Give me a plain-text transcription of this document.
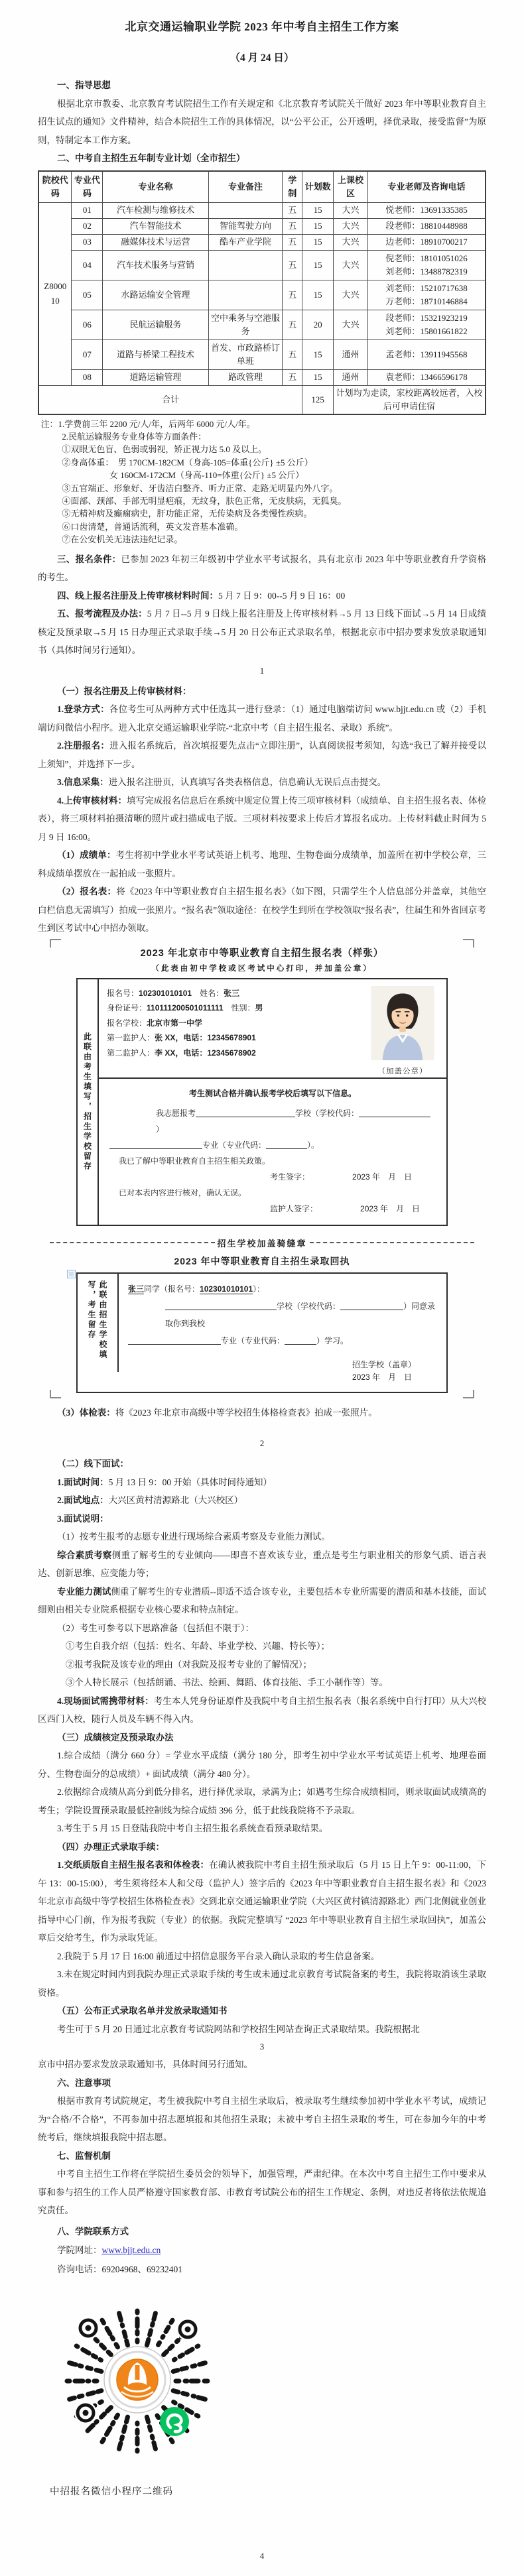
北京交通运输职业学院 2023 年中考自主招生工作方案
（4 月 24 日）
一、指导思想
根据北京市教委、北京教育考试院招生工作有关规定和《北京教育考试院关于做好 2023 年中等职业教育自主招生试点的通知》文件精神，结合本院招生工作的具体情况，以“公平公正，公开透明，择优录取，接受监督”为原则，特制定本工作方案。
二、中考自主招生五年制专业计划（全市招生）
院校代码	专业代码	专业名称	专业备注	学制	计划数	上课校区	专业老师及咨询电话

Z800010	01	汽车检测与维修技术		五	15	大兴	悦老师：13691335385

	02	汽车智能技术	智能驾驶方向	五	15	大兴	段老师：18810448988

	03	融媒体技术与运营	酷车产业学院	五	15	大兴	边老师：18910700217

	04	汽车技术服务与营销		五	15	大兴	倪老师：18101051026
刘老师：13488782319

	05	水路运输安全管理		五	15	大兴	刘老师：15210717638
万老师：18710146884

	06	民航运输服务	空中乘务与空港服务	五	20	大兴	段老师：15321923219
刘老师：15801661822

	07	道路与桥梁工程技术	首发、市政路桥订单班	五	15	通州	孟老师：13911945568

	08	道路运输管理	路政管理	五	15	通州	袁老师：13466596178

合计					125	计划均为走读，家校距离较远者，入校后可申请住宿	
注：1.学费前三年 2200 元/人/年，后两年 6000 元/人/年。
2.民航运输服务专业身体等方面条件：
①双眼无色盲、色弱或弱视，矫正视力达 5.0 及以上。
②身高体重：　男 170CM-182CM（身高-105=体重{公斤} ±5 公斤）
女 160CM-172CM（身高-110=体重{公斤} ±5 公斤）
③五官端正、形象好、牙齿洁白整齐、听力正常、走路无明显内外八字。
④面部、颈部、手部无明显疤痕，无纹身，肤色正常，无皮肤病，无狐臭。
⑤无精神病及癫痫病史，肝功能正常，无传染病及各类慢性疾病。
⑥口齿清楚，普通话流利，英文发音基本准确。
⑦在公安机关无违法违纪记录。
三、报名条件：已参加 2023 年初三年级初中学业水平考试报名，具有北京市 2023 年中等职业教育升学资格的考生。
四、线上报名注册及上传审核材料时间：5 月 7 日 9：00--5 月 9 日 16：00
五、报考流程及办法：5 月 7 日--5 月 9 日线上报名注册及上传审核材料→5 月 13 日线下面试→5 月 14 日成绩核定及预录取→5 月 15 日办理正式录取手续→5 月 20 日公布正式录取名单，根据北京市中招办要求发放录取通知书（具体时间另行通知）。
1
（一）报名注册及上传审核材料：
1.登录方式：各位考生可从两种方式中任选其一进行登录：（1）通过电脑端访问 www.bjjt.edu.cn 或（2）手机端访问微信小程序。进入北京交通运输职业学院-“北京中考（自主招生报名、录取）系统”。
2.注册报名：进入报名系统后，首次填报要先点击“立即注册”，认真阅读报考须知，勾选“我已了解并接受以上须知”，并选择下一步。
3.信息采集：进入报名注册页，认真填写各类表格信息，信息确认无误后点击提交。
4.上传审核材料：填写完成报名信息后在系统中规定位置上传三项审核材料（成绩单、自主招生报名表、体检表），将三项材料拍摄清晰的照片或扫描成电子版。三项材料按要求上传后才算报名成功。上传材料截止时间为 5 月 9 日 16:00。
（1）成绩单：考生将初中学业水平考试英语上机考、地理、生物卷面分成绩单，加盖所在初中学校公章，三科成绩单摆放在一起拍成一张照片。
（2）报名表：将《2023 年中等职业教育自主招生报名表》（如下图，只需学生个人信息部分并盖章，其他空白栏信息无需填写）拍成一张照片。“报名表”领取途径：在校学生到所在学校领取“报名表”，往届生和外省回京考生到区考试中心中招办领取。
2023 年北京市中等职业教育自主招生报名表（样张）
（此表由初中学校或区考试中心打印，并加盖公章）
此联由考生填写，招生学校留存
报名号：102301010101　 姓名：张三
身份证号：110111200501011111　 性别：男
报名学校：北京市第一中学
第一监护人：张 XX，电话：12345678901
第二监护人：李 XX，电话：12345678902
（加盖公章）
考生测试合格并确认报考学校后填写以下信息。
我志愿报考	学校（学校代码：）
专业（专业代码：	）。
我已了解中等职业教育自主招生相关政策。
考生签字：	2023 年　月　日
已对本表内容进行核对，确认无误。
监护人签字：	2023 年　月　日
招生学校加盖骑缝章
2023 年中等职业教育自主招生录取回执
此联由招生学校填写，考生留存	张三同学（报名号：102301010101）：
学校（学校代码：	）同意录取你到我校
专业（专业代码：	）学习。
招生学校（盖章）
2023 年　月　日
（3）体检表：将《2023 年北京市高级中等学校招生体格检查表》拍成一张照片。
2
（二）线下面试：
1.面试时间：5 月 13 日 9：00 开始（具体时间待通知）
2.面试地点：大兴区黄村清源路北（大兴校区）
3.面试说明：
（1）按考生报考的志愿专业进行现场综合素质考察及专业能力测试。
综合素质考察侧重了解考生的专业倾向——即喜不喜欢该专业，重点是考生与职业相关的形象气质、语言表达、创新思维、应变能力等；
专业能力测试侧重了解考生的专业潜质--即适不适合该专业，主要包括本专业所需要的潜质和基本技能，面试细则由相关专业院系根据专业核心要求和特点制定。
（2）考生可参考以下思路准备（包括但不限于）：
①考生自我介绍（包括：姓名、年龄、毕业学校、兴趣、特长等）；
②报考我院及该专业的理由（对我院及报考专业的了解情况）；
③个人特长展示（包括朗诵、书法、绘画、舞蹈、体育技能、手工小制作等）等。
4.现场面试需携带材料：考生本人凭身份证原件及我院中考自主招生报名表（报名系统中自行打印）从大兴校区西门入校，随行人员及车辆不得入内。
（三）成绩核定及预录取办法
1.综合成绩（满分 660 分）= 学业水平成绩（满分 180 分，即考生初中学业水平考试英语上机考、地理卷面分、生物卷面分的总成绩）+ 面试成绩（满分 480 分）。
2.依据综合成绩从高分到低分排名，进行择优录取，录满为止；如遇考生综合成绩相同，则录取面试成绩高的考生；学院设置预录取最低控制线为综合成绩 396 分，低于此线我院将不予录取。
3.考生于 5 月 15 日登陆我院中考自主招生报名系统查看预录取结果。
（四）办理正式录取手续：
1.交纸质版自主招生报名表和体检表：在确认被我院中考自主招生预录取后（5 月 15 日上午 9：00-11:00，下午 13：00-15:00），考生须将经本人和父母（监护人）签字后的《2023 年中等职业教育自主招生报名表》和《2023 年北京市高级中等学校招生体格检查表》交到北京交通运输职业学院（大兴区黄村镇清源路北）西门北侧就业创业指导中心门前，作为报考我院（专业）的依据。我院完整填写 “2023 年中等职业教育自主招生录取回执”，加盖公章后交给考生，作为录取凭证。
2.我院于 5 月 17 日 16:00 前通过中招信息服务平台录入确认录取的考生信息备案。
3.未在规定时间内到我院办理正式录取手续的考生或未通过北京教育考试院备案的考生，我院将取消该生录取资格。
（五）公布正式录取名单并发放录取通知书
考生可于 5 月 20 日通过北京教育考试院网站和学校招生网站查询正式录取结果。我院根据北
3
京市中招办要求发放录取通知书，具体时间另行通知。
六、注意事项
根据市教育考试院规定，考生被我院中考自主招生录取后，被录取考生继续参加初中学业水平考试，成绩记为“合格/不合格”，不再参加中招志愿填报和其他招生录取；未被中考自主招生录取的考生，可在参加今年的中考统考后，继续填报我院中招志愿。
七、监督机制
中考自主招生工作将在学院招生委员会的领导下，加强管理，严肃纪律。在本次中考自主招生工作中要求从事和参与招生的工作人员严格遵守国家教育部、市教育考试院公布的招生工作规定、条例，对违反者将依法依规追究责任。
八、学院联系方式
学院网址：www.bjjt.edu.cn
咨询电话：69204968、69232401
中招报名微信小程序二维码
4
